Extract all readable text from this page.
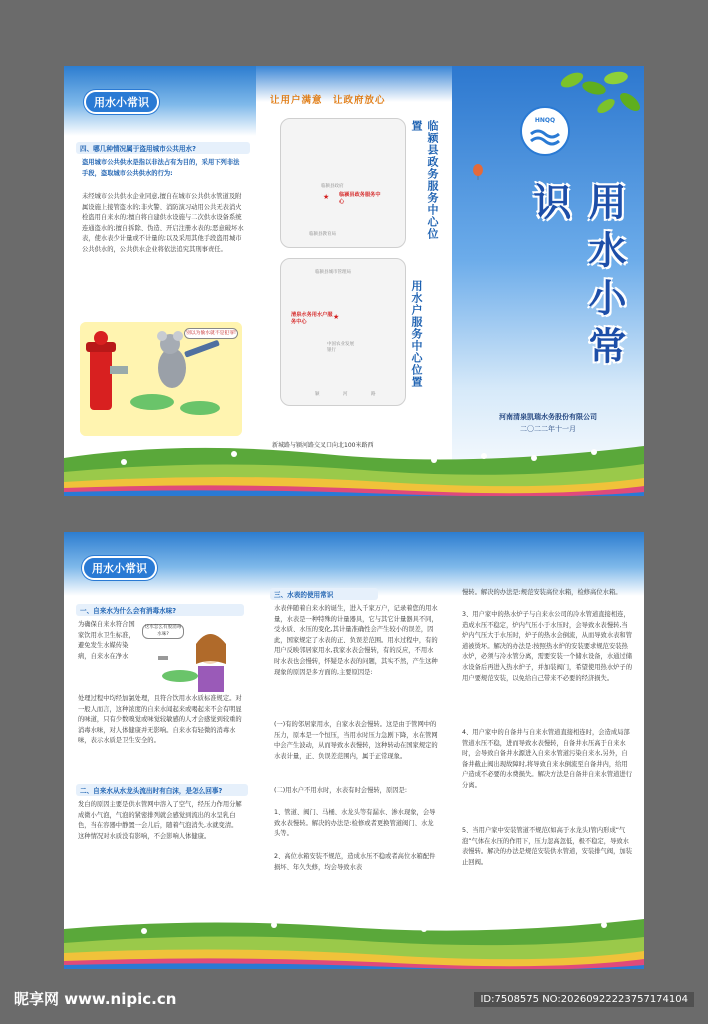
用水小常识
四、哪几种情况属于盗用城市公共用水?
盗用城市公共供水是指以非法占有为目的，采用下列非法手段，盗取城市公共供水的行为:
未经城市公共供水企业同意,擅自在城市公共供水管道及附属设施上接管盗水的;非火警、消防演习动用公共无表消火栓盗用自来水的;擅自将自建供水设施与二次供水设备系统连通盗水的;擅自拆除、伪造、开启注册水表的;恶意破坏水表，使水表少计量或不计量的;以及采用其他手段盗用城市公共供水的，公共供水企业将依法追究其刑事责任。
别以为偷水就不是犯罪!
让用户满意　让政府放心
临颍县政府
临颍县政务服务中心
★
临颍县教育局	临颍县政务服务中心位置
临颍县城市管理局
清泉水务用水户服务中心
★
中国农业发展银行
颍	河	路
用水户服务中心位置
新城路与颍河路交叉口向北100米路西
HNQQ
用水小常识
河南清泉凯瑞水务股份有限公司
二〇二二年十一月
用水小常识
一、自来水为什么会有消毒水味?
为确保自来水符合国家饮用水卫生标准，避免发生水媒传染病，自来水在净水
这水怎么有股消毒水味?
处理过程中均经加氯处理，且符合饮用水水质标准规定。对一般人而言，这种浓度的自来水闻起来或喝起来不会有明显的味道，只有少数嗅觉或味觉较敏感的人才会感觉到较重的消毒水味，对人体健康并无影响。自来水有轻微的消毒水味，表示水质是卫生安全的。
二、自来水从水龙头流出时有白沫，是怎么回事?
发白的原因主要是供水管网中溶入了空气，经压力作用分解成微小气泡，气泡的紧密排列就会感觉到流出的水呈乳白色，当在容器中静置一会儿后，随着气泡消失,水就变清。这种情况对水质没有影响，不会影响人体健康。
三、水表的使用常识
水表伴随着自来水的诞生，进入千家万户，记录着您的用水量，水表是一种特殊的计量器具，它与其它计量器具不同，受水质、水压的变化,其计量准确性会产生较小的误差，因此，国家规定了水表的正、负误差范围。用水过程中，有的用户反映邻居家用水,我家水表会慢转，有的反应，不用水时水表也会慢转，怀疑是水表的问题，其实不然，产生这种现象的原因是多方面的,主要原因是:
(一)有的邻居家用水，自家水表会慢转。这是由于管网中的压力，原本是一个恒压，当用水时压力急剧下降，水在管网中会产生波动，从而导致水表慢转，这种转动在国家规定的水表计量，正、负误差范围内，属于正常现象。
(二)用水户不用水时，水表有时会慢转，原因是:
1、管道、阀门、马桶、水龙头等有漏水、渗水现象，会导致水表慢转。解决的办法是:检修或者更换管道阀门、水龙头等。
2、高位水箱安装不规范，造成水压不稳或者高位水箱配件损坏、年久失修，均会导致水表
慢转。解决的办法是:规范安装高位水箱，检修高位水箱。
3、用户家中的热水炉子与自来水公司的冷水管道直接相连，造成水压不稳定，炉内气压小于水压时，会导致水表慢转,当炉内气压大于水压时，炉子的热水会倒流，从而导致水表和管道被烫坏。解决的办法是:按照热水炉的安装要求规范安装热水炉，必须与冷水管分离，需要安装一个储水设备，水通过储水设备后再进入热水炉子，并加装阀门，希望使用热水炉子的用户要规范安装，以免给自己带来不必要的经济损失。
4、用户家中的自备井与自来水管道直接相连时，会造成局部管道水压不稳，进而导致水表慢转，自备井水压高于自来水时，会导致自备井水源进入自来水管道污染自来水,另外，自备井截止阀出现故障时,将导致自来水倒流至自备井内，给用户造成不必要的水费损失。解决方法是自备井自来水管道进行分离。
5、当用户家中安装管道不规范(如高于水龙头)管内形成“气泡”气体在水压的作用下，压力忽高忽低，极不稳定，导致水表慢转。解决的办法是规范安装供水管道，安装排气阀，加装止回阀。
昵享网 www.nipic.cn	ID:7508575 NO:20260922223757174104
